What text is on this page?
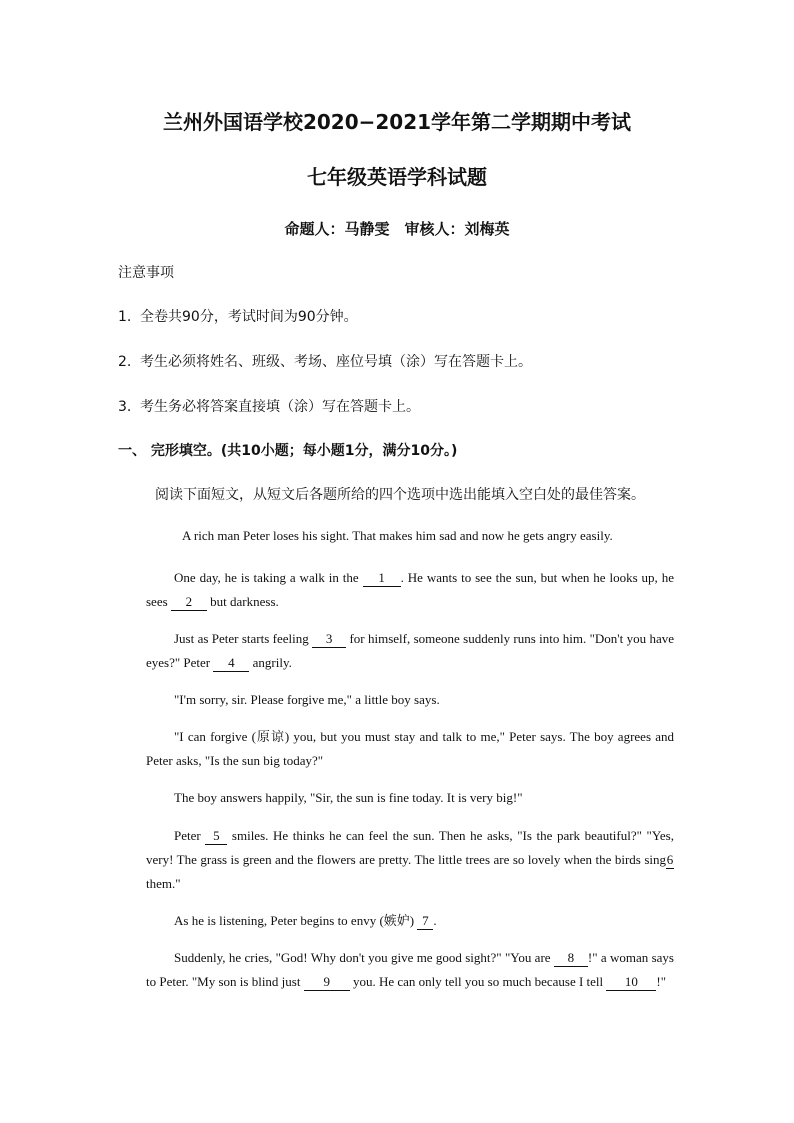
兰州外国语学校2020−2021学年第二学期期中考试
七年级英语学科试题
命题人：马静雯　审核人：刘梅英
注意事项
1. 全卷共90分，考试时间为90分钟。
2. 考生必须将姓名、班级、考场、座位号填（涂）写在答题卡上。
3. 考生务必将答案直接填（涂）写在答题卡上。
一、 完形填空。(共10小题；每小题1分，满分10分。)
阅读下面短文，从短文后各题所给的四个选项中选出能填入空白处的最佳答案。
A rich man Peter loses his sight. That makes him sad and now he gets angry easily.
One day, he is taking a walk in the 1 . He wants to see the sun, but when he looks up, he sees 2 but darkness.
Just as Peter starts feeling 3 for himself, someone suddenly runs into him. "Don't you have eyes?" Peter 4 angrily.
"I'm sorry, sir. Please forgive me," a little boy says.
"I can forgive (原谅) you, but you must stay and talk to me," Peter says. The boy agrees and Peter asks, "Is the sun big today?"
The boy answers happily, "Sir, the sun is fine today. It is very big!"
Peter 5 smiles. He thinks he can feel the sun. Then he asks, "Is the park beautiful?" "Yes, very! The grass is green and the flowers are pretty. The little trees are so lovely when the birds sing6 them."
As he is listening, Peter begins to envy (嫉妒) 7 .
Suddenly, he cries, "God! Why don't you give me good sight?" "You are 8 !" a woman says to Peter. "My son is blind just 9 you. He can only tell you so much because I tell 10 !"
